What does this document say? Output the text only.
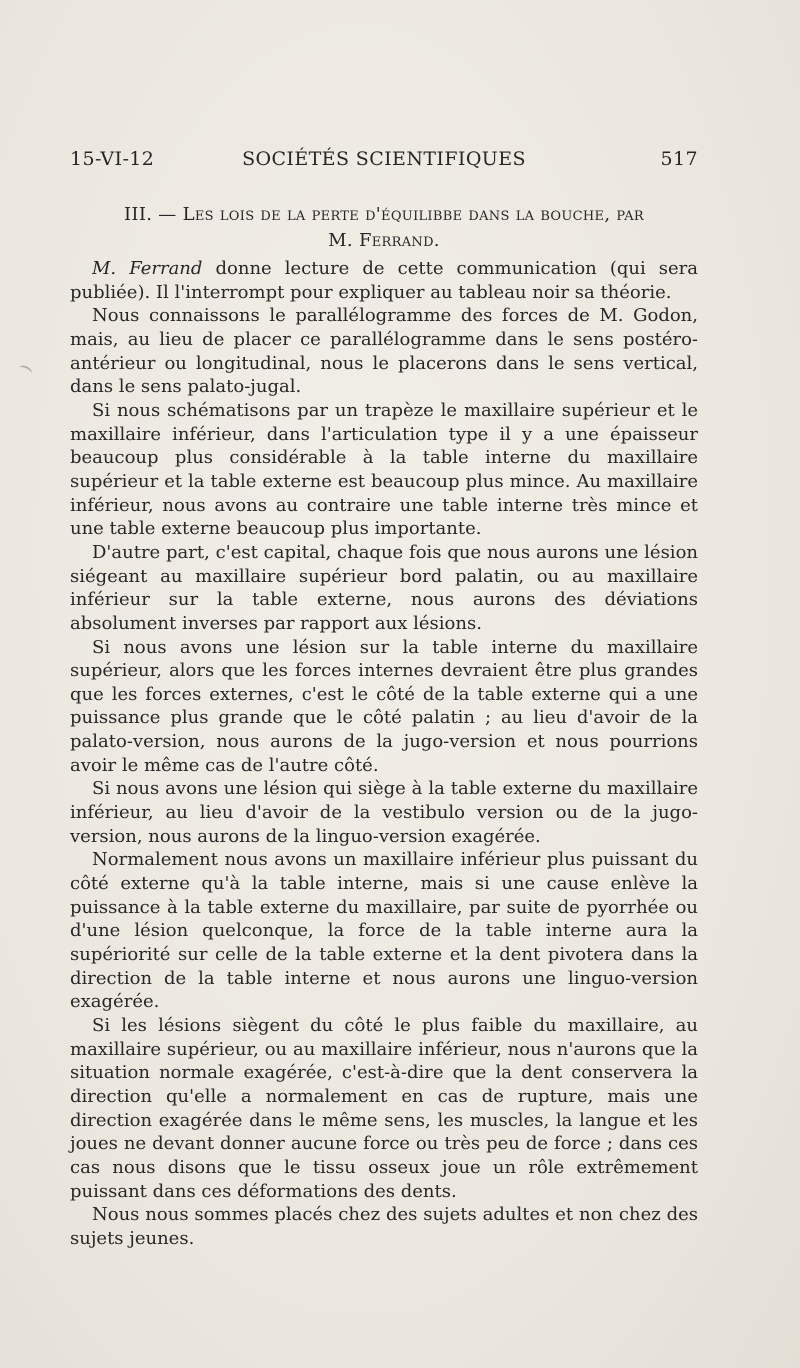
15-VI-12	SOCIÉTÉS SCIENTIFIQUES	517
III. — Les lois de la perte d'équilibbe dans la bouche, par
M. Ferrand.

M. Ferrand donne lecture de cette communication (qui sera publiée). Il l'interrompt pour expliquer au tableau noir sa théorie.

Nous connaissons le parallélogramme des forces de M. Godon, mais, au lieu de placer ce parallélogramme dans le sens postéro-antérieur ou longitudinal, nous le placerons dans le sens vertical, dans le sens palato-jugal.

Si nous schématisons par un trapèze le maxillaire supérieur et le maxillaire inférieur, dans l'articulation type il y a une épaisseur beaucoup plus considérable à la table interne du maxillaire supérieur et la table externe est beaucoup plus mince. Au maxillaire inférieur, nous avons au contraire une table interne très mince et une table externe beaucoup plus importante.

D'autre part, c'est capital, chaque fois que nous aurons une lésion siégeant au maxillaire supérieur bord palatin, ou au maxillaire inférieur sur la table externe, nous aurons des déviations absolument inverses par rapport aux lésions.

Si nous avons une lésion sur la table interne du maxillaire supérieur, alors que les forces internes devraient être plus grandes que les forces externes, c'est le côté de la table externe qui a une puissance plus grande que le côté palatin ; au lieu d'avoir de la palato-version, nous aurons de la jugo-version et nous pourrions avoir le même cas de l'autre côté.

Si nous avons une lésion qui siège à la table externe du maxillaire inférieur, au lieu d'avoir de la vestibulo version ou de la jugo-version, nous aurons de la linguo-version exagérée.

Normalement nous avons un maxillaire inférieur plus puissant du côté externe qu'à la table interne, mais si une cause enlève la puissance à la table externe du maxillaire, par suite de pyorrhée ou d'une lésion quelconque, la force de la table interne aura la supériorité sur celle de la table externe et la dent pivotera dans la direction de la table interne et nous aurons une linguo-version exagérée.

Si les lésions siègent du côté le plus faible du maxillaire, au maxillaire supérieur, ou au maxillaire inférieur, nous n'aurons que la situation normale exagérée, c'est-à-dire que la dent conservera la direction qu'elle a normalement en cas de rupture, mais une direction exagérée dans le même sens, les muscles, la langue et les joues ne devant donner aucune force ou très peu de force ; dans ces cas nous disons que le tissu osseux joue un rôle extrêmement puissant dans ces déformations des dents.

Nous nous sommes placés chez des sujets adultes et non chez des sujets jeunes.
